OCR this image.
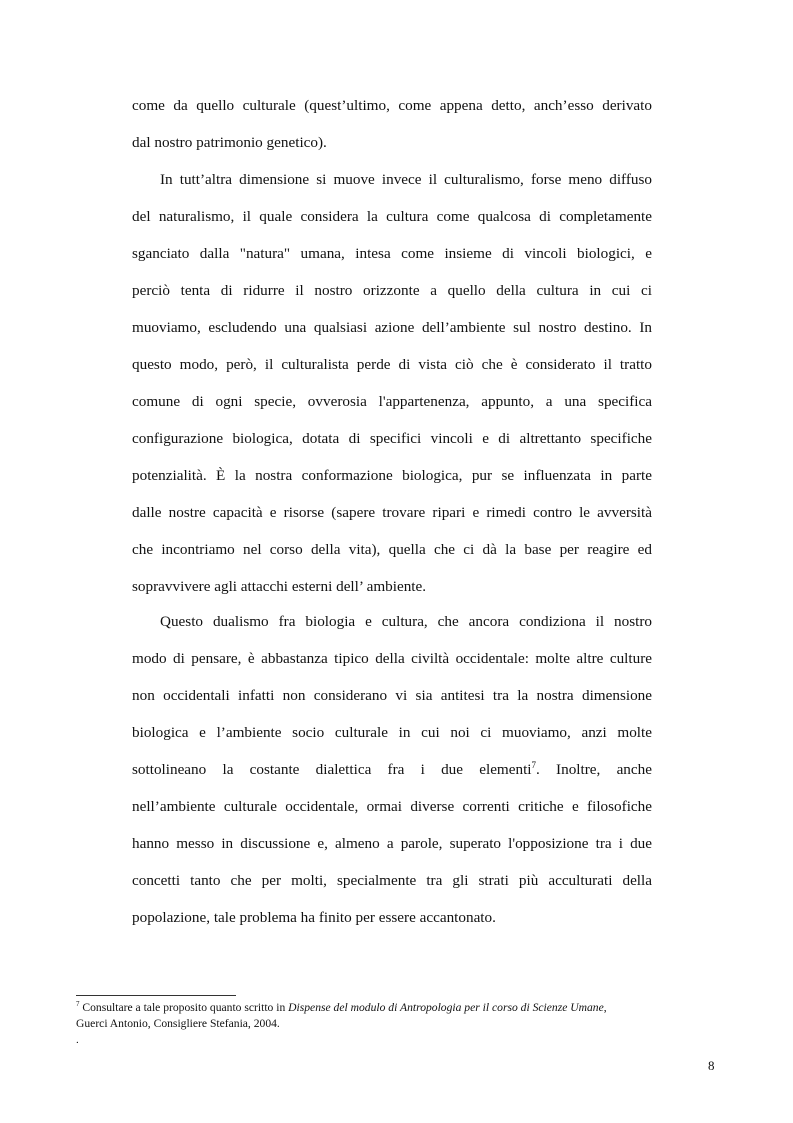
come da quello culturale (quest’ultimo, come appena detto, anch’esso derivato
dal nostro patrimonio genetico).
In tutt’altra dimensione si muove invece il culturalismo, forse meno diffuso
del naturalismo, il quale considera la cultura come qualcosa di completamente
sganciato dalla "natura" umana, intesa come insieme di vincoli biologici, e
perciò tenta di ridurre il nostro orizzonte a quello della cultura in cui ci
muoviamo, escludendo una qualsiasi azione dell’ambiente sul nostro destino. In
questo modo, però, il culturalista perde di vista ciò che è considerato il tratto
comune di ogni specie, ovverosia l'appartenenza, appunto, a una specifica
configurazione biologica, dotata di specifici vincoli e di altrettanto specifiche
potenzialità. È la nostra conformazione biologica, pur se influenzata in parte
dalle nostre capacità e risorse (sapere trovare ripari e rimedi contro le avversità
che incontriamo nel corso della vita), quella che ci dà la base per reagire ed
sopravvivere agli attacchi esterni dell’ ambiente.
Questo dualismo fra biologia e cultura, che ancora condiziona il nostro
modo di pensare, è abbastanza tipico della civiltà occidentale: molte altre culture
non occidentali infatti non considerano vi sia antitesi tra la nostra dimensione
biologica e l’ambiente socio culturale in cui noi ci muoviamo, anzi molte
sottolineano la costante dialettica fra i due elementi$^7$. Inoltre, anche
nell’ambiente culturale occidentale, ormai diverse correnti critiche e filosofiche
hanno messo in discussione e, almeno a parole, superato l'opposizione tra i due
concetti tanto che per molti, specialmente tra gli strati più acculturati della
popolazione, tale problema ha finito per essere accantonato.
$^7$ Consultare a tale proposito quanto scritto in Dispense del modulo di Antropologia per il corso di Scienze Umane,
Guerci Antonio, Consigliere Stefania, 2004.
.
8
